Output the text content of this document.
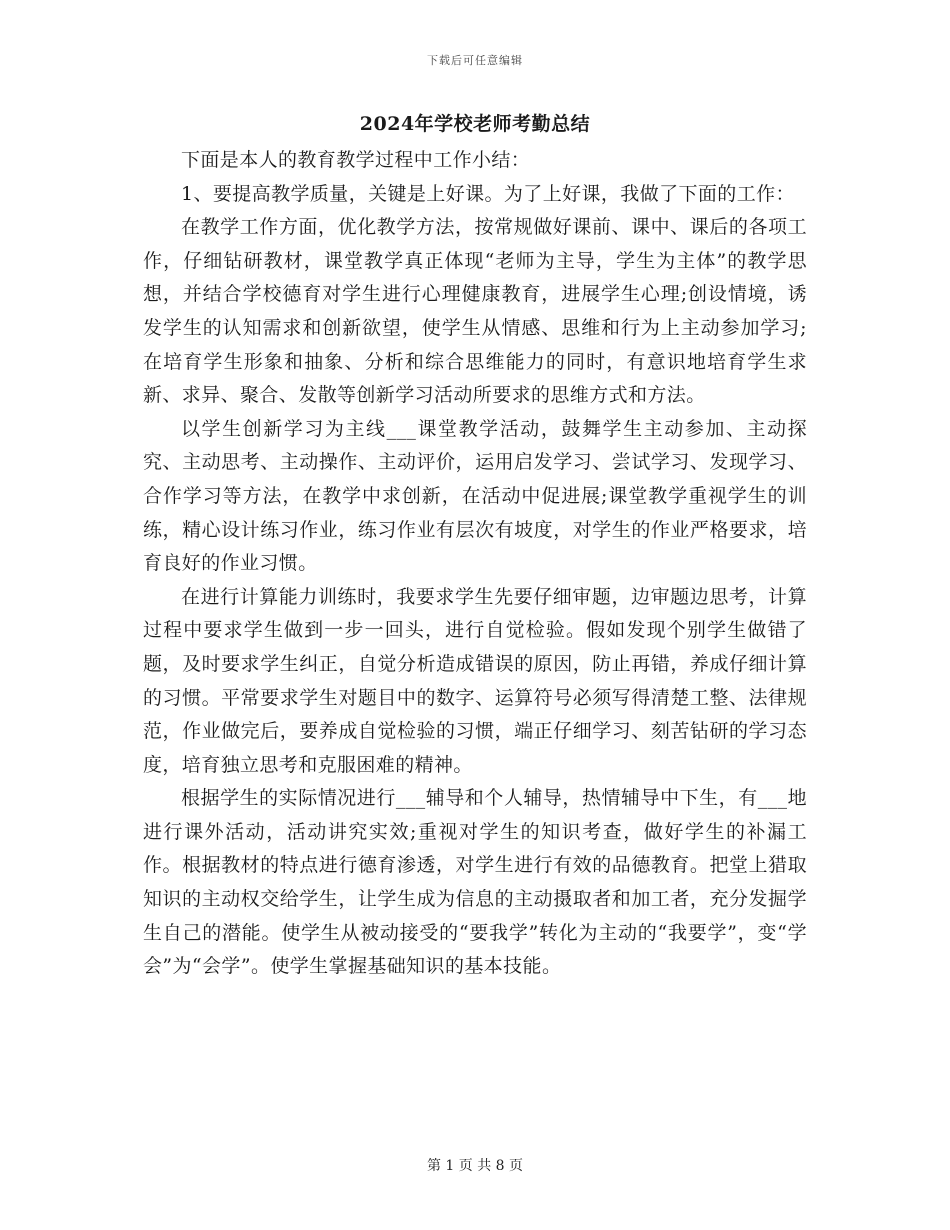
下载后可任意编辑
2024年学校老师考勤总结

下面是本人的教育教学过程中工作小结：

1、要提高教学质量，关键是上好课。为了上好课，我做了下面的工作：

在教学工作方面，优化教学方法，按常规做好课前、课中、课后的各项工作，仔细钻研教材，课堂教学真正体现“老师为主导，学生为主体”的教学思想，并结合学校德育对学生进行心理健康教育，进展学生心理;创设情境，诱发学生的认知需求和创新欲望，使学生从情感、思维和行为上主动参加学习;在培育学生形象和抽象、分析和综合思维能力的同时，有意识地培育学生求新、求异、聚合、发散等创新学习活动所要求的思维方式和方法。

以学生创新学习为主线___课堂教学活动，鼓舞学生主动参加、主动探究、主动思考、主动操作、主动评价，运用启发学习、尝试学习、发现学习、合作学习等方法，在教学中求创新，在活动中促进展;课堂教学重视学生的训练，精心设计练习作业，练习作业有层次有坡度，对学生的作业严格要求，培育良好的作业习惯。

在进行计算能力训练时，我要求学生先要仔细审题，边审题边思考，计算过程中要求学生做到一步一回头，进行自觉检验。假如发现个别学生做错了题，及时要求学生纠正，自觉分析造成错误的原因，防止再错，养成仔细计算的习惯。平常要求学生对题目中的数字、运算符号必须写得清楚工整、法律规范，作业做完后，要养成自觉检验的习惯，端正仔细学习、刻苦钻研的学习态度，培育独立思考和克服困难的精神。

根据学生的实际情况进行___辅导和个人辅导，热情辅导中下生，有___地进行课外活动，活动讲究实效;重视对学生的知识考查，做好学生的补漏工作。根据教材的特点进行德育渗透，对学生进行有效的品德教育。把堂上猎取知识的主动权交给学生，让学生成为信息的主动摄取者和加工者，充分发掘学生自己的潜能。使学生从被动接受的“要我学”转化为主动的“我要学”，变“学会”为“会学”。使学生掌握基础知识的基本技能。

第 1 页 共 8 页
